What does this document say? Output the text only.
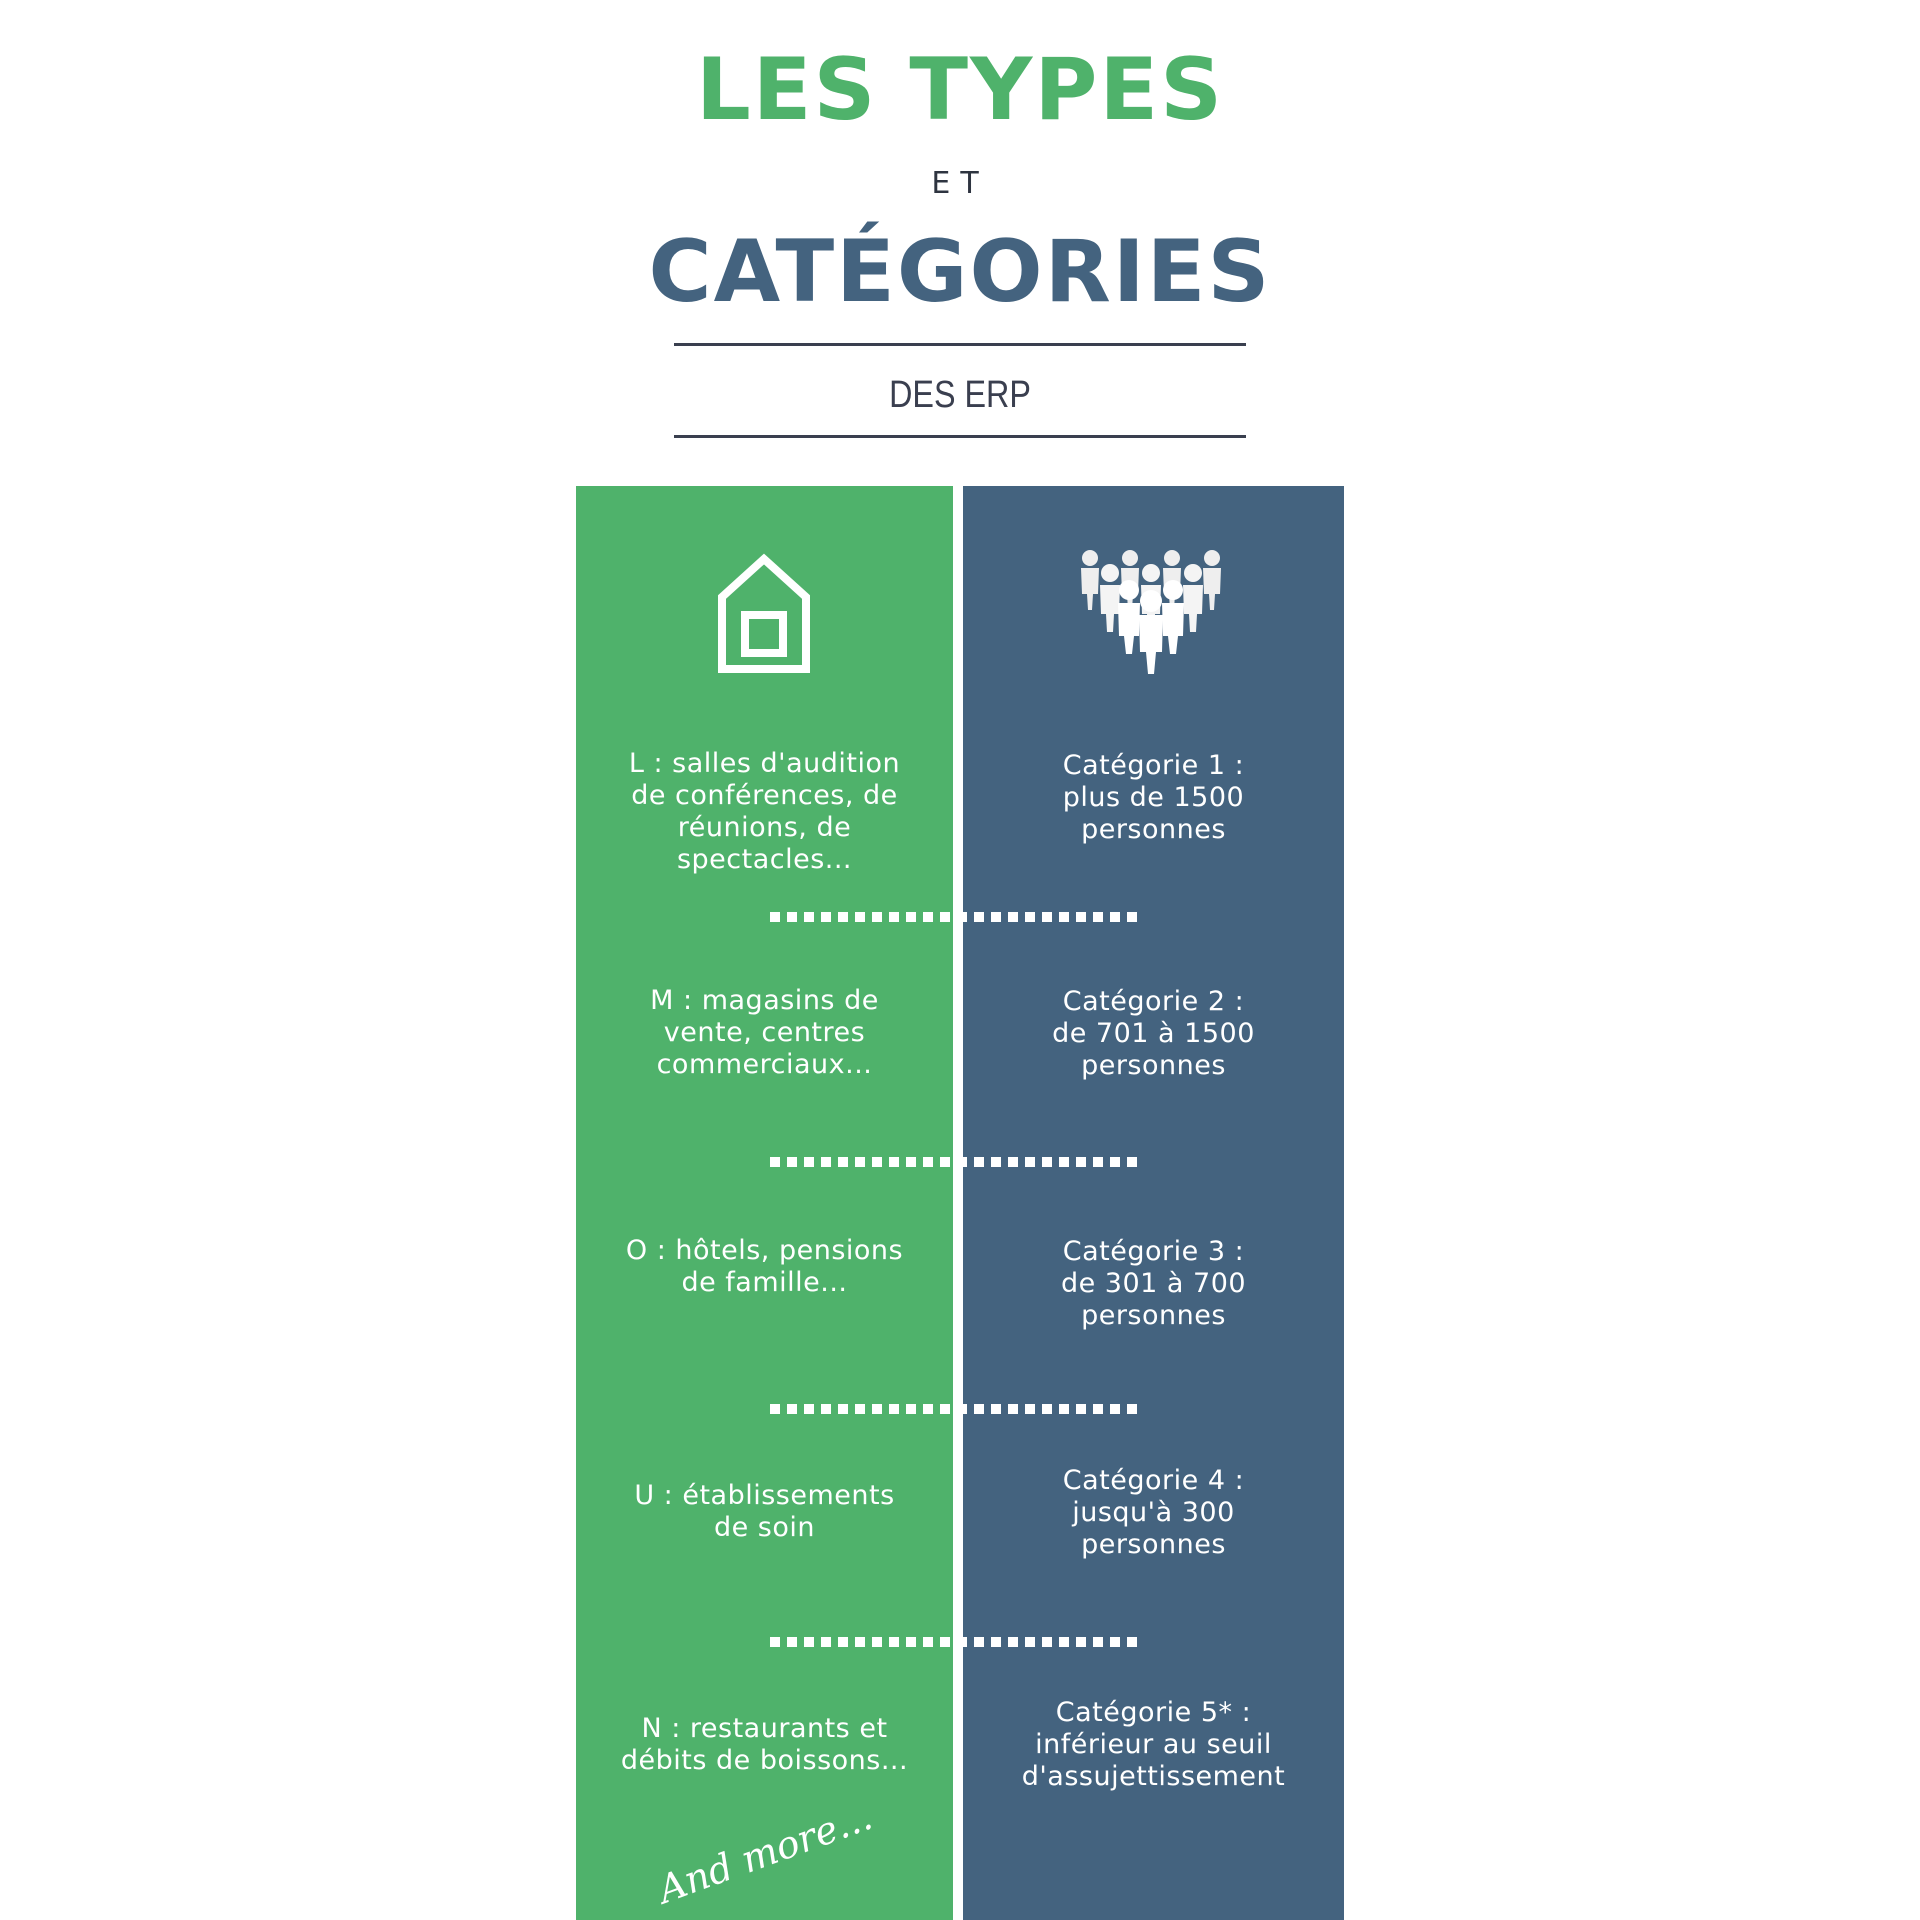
LES TYPES
ET
CATÉGORIES
DES ERP
L : salles d'audition
de conférences, de
réunions, de
spectacles...
M : magasins de
vente, centres
commerciaux...
O : hôtels, pensions
de famille...
U : établissements
de soin
N : restaurants et
débits de boissons...
Catégorie 1 :
plus de 1500
personnes
Catégorie 2 :
de 701 à 1500
personnes
Catégorie 3 :
de 301 à 700
personnes
Catégorie 4 :
jusqu'à 300
personnes
Catégorie 5* :
inférieur au seuil
d'assujettissement
And more...
